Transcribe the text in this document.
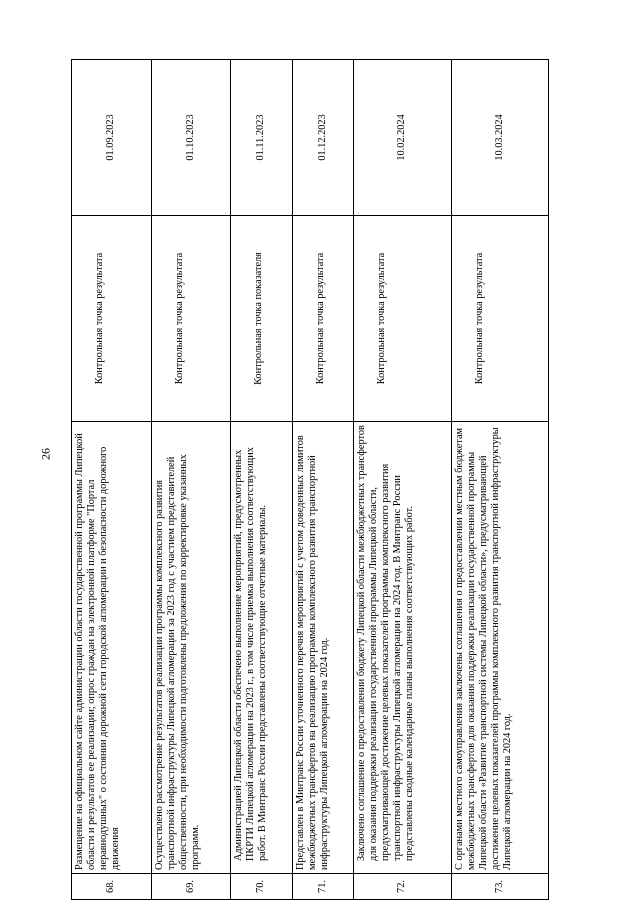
26
68.	Размещение на официальном сайте администрации области государственной программы Липецкой области и результатов ее реализации; опрос граждан на электронной платформе "Портал неравнодушных" о состоянии дорожной сети городской агломерации и безопасности дорожного движения	Контрольная точка результата	01.09.2023
69.	Осуществлено рассмотрение результатов реализации программы комплексного развития транспортной инфраструктуры Липецкой агломерации за 2023 год с участием представителей общественности, при необходимости подготовлены предложения по корректировке указанных программ.	Контрольная точка результата	01.10.2023
70.	Администрацией Липецкой области обеспечено выполнение мероприятий, предусмотренных ПКРТИ Липецкой агломерации на 2023 г., в том числе приемка выполнения соответствующих работ. В Минтранс России представлены соответствующие отчетные материалы.	Контрольная точка показателя	01.11.2023
71.	Представлен в Минтранс России уточненного перечня мероприятий с учетом доведенных лимитов межбюджетных трансфертов на реализацию программы комплексного развития транспортной инфраструктуры Липецкой агломерации на 2024 год.	Контрольная точка результата	01.12.2023
72.	Заключено соглашение о предоставлении бюджету Липецкой области межбюджетных трансфертов для оказания поддержки реализации государственной программы Липецкой области, предусматривающей достижение целевых показателей программы комплексного развития транспортной инфраструктуры Липецкой агломерации на 2024 год. В Минтранс России представлены сводные календарные планы выполнения соответствующих работ.	Контрольная точка результата	10.02.2024
73.	С органами местного самоуправления заключены соглашения о предоставлении местным бюджетам межбюджетных трансфертов для оказания поддержки реализации государственной программы Липецкой области «Развитие транспортной системы Липецкой области», предусматривающей достижение целевых показателей программы комплексного развития транспортной инфраструктуры Липецкой агломерации на 2024 год.	Контрольная точка результата	10.03.2024
